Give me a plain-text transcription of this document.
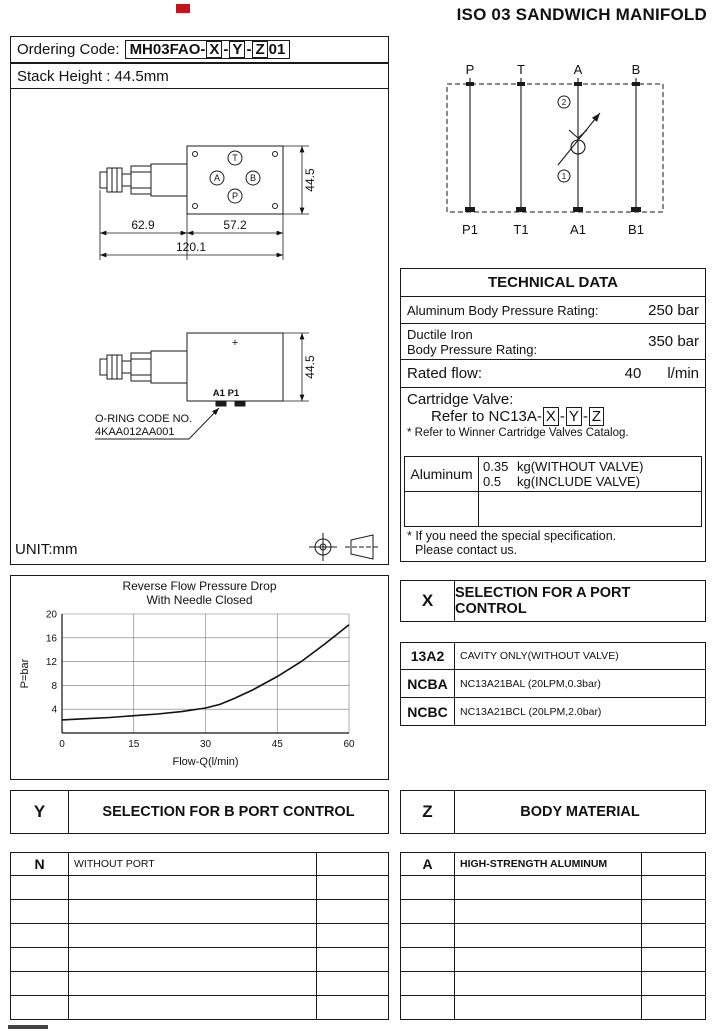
ISO 03 SANDWICH MANIFOLD
Ordering Code: MH03FAO- X - Y - Z 01
Stack Height : 44.5mm
T
A	B
P
62.9	57.2
120.1
44.5
A1 P1
+
44.5
O-RING CODE NO.
4KAA012AA001
UNIT:mm
P	T	A	B
2
1
P1	T1	A1	B1
TECHNICAL DATA
Aluminum Body Pressure Rating:	250 bar
Ductile Iron
Body Pressure Rating:	350 bar
Rated flow:	40 l/min
Cartridge Valve:
Refer to NC13A- X - Y - Z
* Refer to Winner Cartridge Valves Catalog.
Aluminum 0.35 kg(WITHOUT VALVE)
0.5	kg(INCLUDE VALVE)
* If you need the special specification.
Please contact us.
Reverse Flow Pressure Drop
With Needle Closed
0	15	30	45	60
4
8
12
16
20
Flow-Q(l/min)
P=bar
X	SELECTION FOR A PORT CONTROL
13A2	CAVITY ONLY(WITHOUT VALVE)
NCBA	NC13A21BAL (20LPM,0.3bar)
NCBC	NC13A21BCL (20LPM,2.0bar)
Y	SELECTION FOR B PORT CONTROL
N	WITHOUT PORT
Z	BODY MATERIAL
A	HIGH-STRENGTH ALUMINUM
